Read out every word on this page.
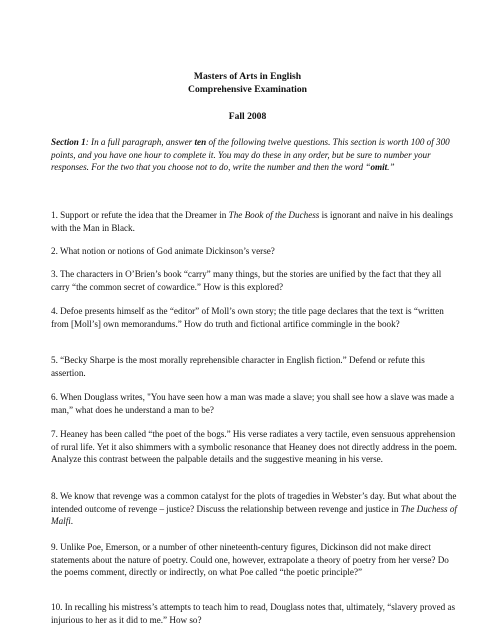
Masters of Arts in English
Comprehensive Examination
Fall 2008
Section 1: In a full paragraph, answer ten of the following twelve questions. This section is worth 100 of 300 points, and you have one hour to complete it. You may do these in any order, but be sure to number your responses. For the two that you choose not to do, write the number and then the word “omit.”
1. Support or refute the idea that the Dreamer in The Book of the Duchess is ignorant and naïve in his dealings with the Man in Black.
2. What notion or notions of God animate Dickinson’s verse?
3. The characters in O’Brien’s book “carry” many things, but the stories are unified by the fact that they all carry “the common secret of cowardice.” How is this explored?
4. Defoe presents himself as the “editor” of Moll’s own story; the title page declares that the text is “written from [Moll’s] own memorandums.” How do truth and fictional artifice commingle in the book?
5. “Becky Sharpe is the most morally reprehensible character in English fiction.” Defend or refute this assertion.
6. When Douglass writes, "You have seen how a man was made a slave; you shall see how a slave was made a man,” what does he understand a man to be?
7. Heaney has been called “the poet of the bogs.” His verse radiates a very tactile, even sensuous apprehension of rural life. Yet it also shimmers with a symbolic resonance that Heaney does not directly address in the poem. Analyze this contrast between the palpable details and the suggestive meaning in his verse.
8. We know that revenge was a common catalyst for the plots of tragedies in Webster’s day. But what about the intended outcome of revenge – justice? Discuss the relationship between revenge and justice in The Duchess of Malfi.
9. Unlike Poe, Emerson, or a number of other nineteenth-century figures, Dickinson did not make direct statements about the nature of poetry. Could one, however, extrapolate a theory of poetry from her verse? Do the poems comment, directly or indirectly, on what Poe called “the poetic principle?”
10. In recalling his mistress’s attempts to teach him to read, Douglass notes that, ultimately, “slavery proved as injurious to her as it did to me.” How so?
